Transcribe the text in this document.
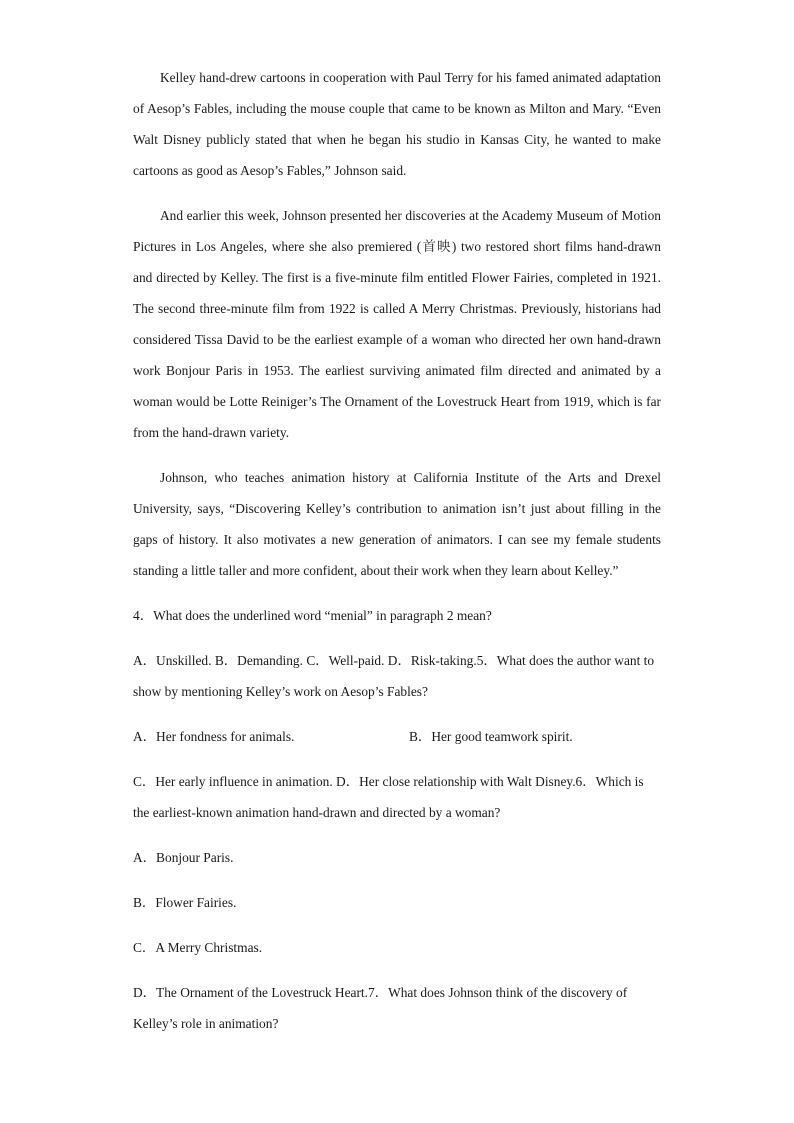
Kelley hand-drew cartoons in cooperation with Paul Terry for his famed animated adaptation of Aesop’s Fables, including the mouse couple that came to be known as Milton and Mary. “Even Walt Disney publicly stated that when he began his studio in Kansas City, he wanted to make cartoons as good as Aesop’s Fables,” Johnson said.

And earlier this week, Johnson presented her discoveries at the Academy Museum of Motion Pictures in Los Angeles, where she also premiered (首映) two restored short films hand-drawn and directed by Kelley. The first is a five-minute film entitled Flower Fairies, completed in 1921. The second three-minute film from 1922 is called A Merry Christmas. Previously, historians had considered Tissa David to be the earliest example of a woman who directed her own hand-drawn work Bonjour Paris in 1953. The earliest surviving animated film directed and animated by a woman would be Lotte Reiniger’s The Ornament of the Lovestruck Heart from 1919, which is far from the hand-drawn variety.

Johnson, who teaches animation history at California Institute of the Arts and Drexel University, says, “Discovering Kelley’s contribution to animation isn’t just about filling in the gaps of history. It also motivates a new generation of animators. I can see my female students standing a little taller and more confident, about their work when they learn about Kelley.”

4．What does the underlined word “menial” in paragraph 2 mean?

A．Unskilled. B．Demanding. C．Well-paid. D．Risk-taking.5．What does the author want to show by mentioning Kelley’s work on Aesop’s Fables?

A．Her fondness for animals.	B．Her good teamwork spirit.

C．Her early influence in animation. D．Her close relationship with Walt Disney.6．Which is the earliest-known animation hand-drawn and directed by a woman?

A．Bonjour Paris.

B．Flower Fairies.

C．A Merry Christmas.

D．The Ornament of the Lovestruck Heart.7．What does Johnson think of the discovery of Kelley’s role in animation?
